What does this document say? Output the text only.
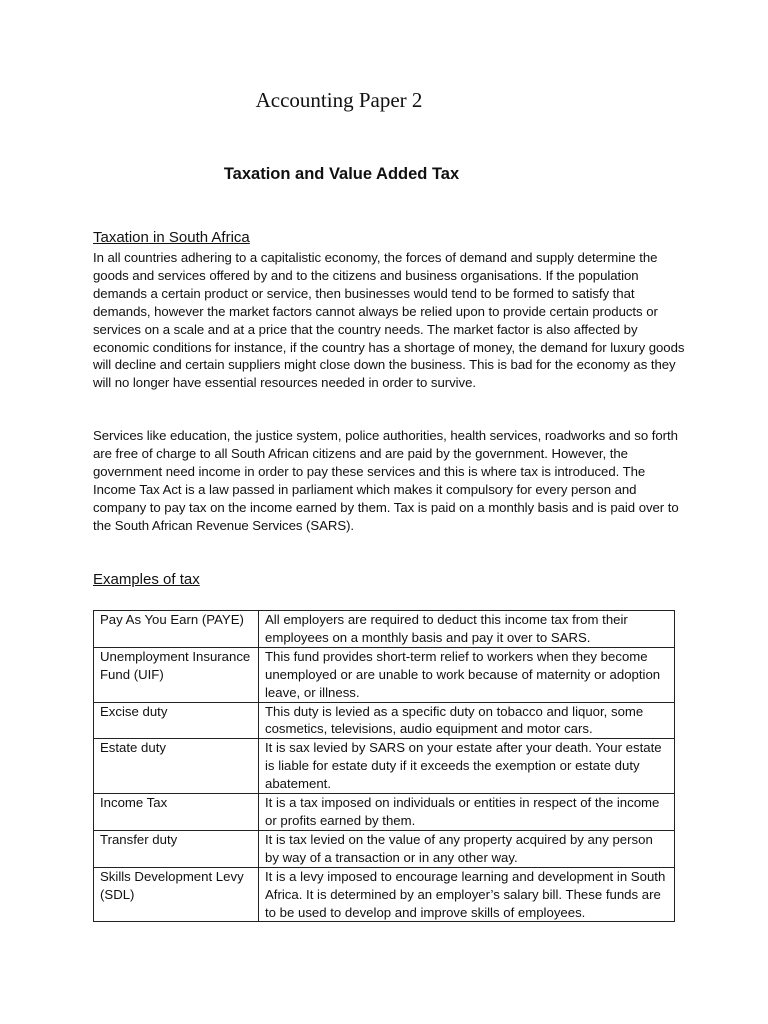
Accounting Paper 2
Taxation and Value Added Tax
Taxation in South Africa

In all countries adhering to a capitalistic economy, the forces of demand and supply determine the goods and services offered by and to the citizens and business organisations. If the population demands a certain product or service, then businesses would tend to be formed to satisfy that demands, however the market factors cannot always be relied upon to provide certain products or services on a scale and at a price that the country needs. The market factor is also affected by economic conditions for instance, if the country has a shortage of money, the demand for luxury goods will decline and certain suppliers might close down the business. This is bad for the economy as they will no longer have essential resources needed in order to survive.

Services like education, the justice system, police authorities, health services, roadworks and so forth are free of charge to all South African citizens and are paid by the government. However, the government need income in order to pay these services and this is where tax is introduced. The Income Tax Act is a law passed in parliament which makes it compulsory for every person and company to pay tax on the income earned by them. Tax is paid on a monthly basis and is paid over to the South African Revenue Services (SARS).

Examples of tax
Pay As You Earn (PAYE)	All employers are required to deduct this income tax from their employees on a monthly basis and pay it over to SARS.
Unemployment Insurance Fund (UIF)	This fund provides short-term relief to workers when they become unemployed or are unable to work because of maternity or adoption leave, or illness.
Excise duty	This duty is levied as a specific duty on tobacco and liquor, some cosmetics, televisions, audio equipment and motor cars.
Estate duty	It is sax levied by SARS on your estate after your death. Your estate is liable for estate duty if it exceeds the exemption or estate duty abatement.
Income Tax	It is a tax imposed on individuals or entities in respect of the income or profits earned by them.
Transfer duty	It is tax levied on the value of any property acquired by any person by way of a transaction or in any other way.
Skills Development Levy (SDL)	It is a levy imposed to encourage learning and development in South Africa. It is determined by an employer’s salary bill. These funds are to be used to develop and improve skills of employees.
